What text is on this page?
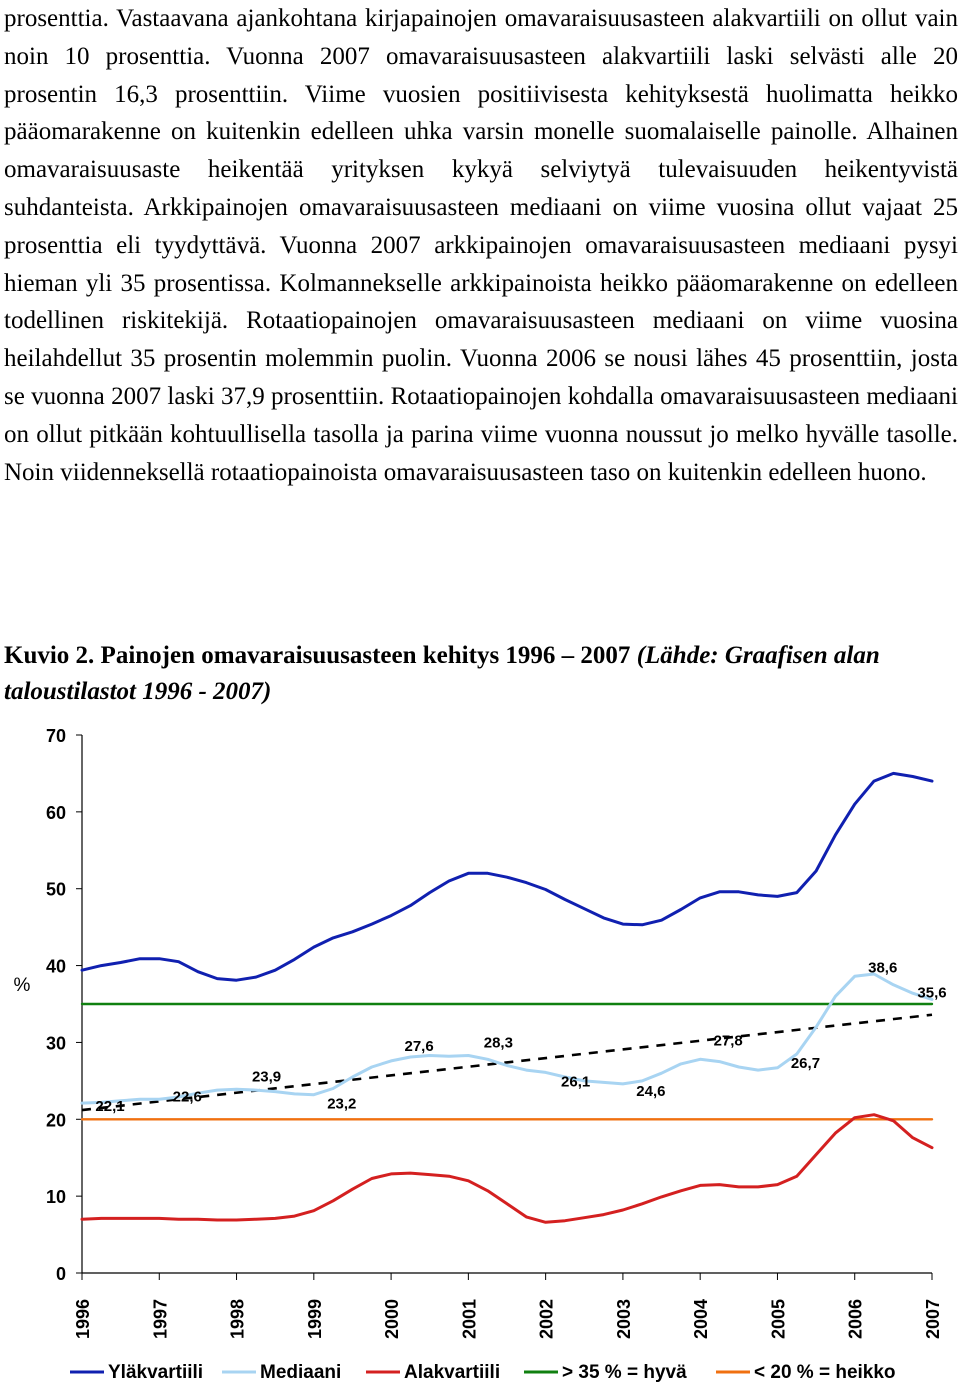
prosenttia. Vastaavana ajankohtana kirjapainojen omavaraisuusasteen alakvartiili on ollut vain noin 10 prosenttia. Vuonna 2007 omavaraisuusasteen alakvartiili laski selvästi alle 20 prosentin 16,3 prosenttiin. Viime vuosien positiivisesta kehityksestä huolimatta heikko pääomarakenne on kuitenkin edelleen uhka varsin monelle suomalaiselle painolle. Alhainen omavaraisuusaste heikentää yrityksen kykyä selviytyä tulevaisuuden heikentyvistä suhdanteista. Arkkipainojen omavaraisuusasteen mediaani on viime vuosina ollut vajaat 25 prosenttia eli tyydyttävä. Vuonna 2007 arkkipainojen omavaraisuusasteen mediaani pysyi hieman yli 35 prosentissa. Kolmannekselle arkkipainoista heikko pääomarakenne on edelleen todellinen riskitekijä. Rotaatiopainojen omavaraisuusasteen mediaani on viime vuosina heilahdellut 35 prosentin molemmin puolin. Vuonna 2006 se nousi lähes 45 prosenttiin, josta se vuonna 2007 laski 37,9 prosenttiin. Rotaatiopainojen kohdalla omavaraisuusasteen mediaani on ollut pitkään kohtuullisella tasolla ja parina viime vuonna noussut jo melko hyvälle tasolle. Noin viidenneksellä rotaatiopainoista omavaraisuusasteen taso on kuitenkin edelleen huono.

Kuvio 2. Painojen omavaraisuusasteen kehitys 1996 – 2007 (Lähde: Graafisen alan taloustilastot 1996 - 2007)

%
0
10
20
30
40
50
60
70
1996	1997	1998	1999	2000	2001	2002	2003	2004	2005	2006	2007
22,1
22,6
23,9
23,2
27,6	28,3
26,1
24,6
27,8
26,7
38,6
35,6
Yläkvartiili	Mediaani	Alakvartiili	> 35 % = hyvä	< 20 % = heikko
